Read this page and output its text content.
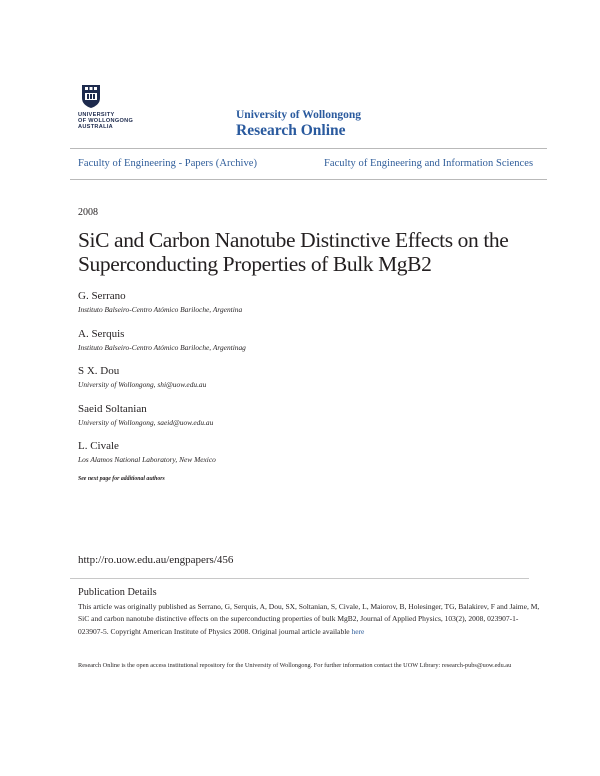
UNIVERSITY
OF WOLLONGONG
AUSTRALIA
University of Wollongong
Research Online
Faculty of Engineering - Papers (Archive)	Faculty of Engineering and Information Sciences
2008
SiC and Carbon Nanotube Distinctive Effects on the Superconducting Properties of Bulk MgB2
G. Serrano
Instituto Balseiro-Centro Atómico Bariloche, Argentina
A. Serquis
Instituto Balseiro-Centro Atómico Bariloche, Argentinag
S X. Dou
University of Wollongong, shi@uow.edu.au
Saeid Soltanian
University of Wollongong, saeid@uow.edu.au
L. Civale
Los Alamos National Laboratory, New Mexico
See next page for additional authors
http://ro.uow.edu.au/engpapers/456
Publication Details
This article was originally published as Serrano, G, Serquis, A, Dou, SX, Soltanian, S, Civale, L, Maiorov, B, Holesinger, TG, Balakirev, F and Jaime, M, SiC and carbon nanotube distinctive effects on the superconducting properties of bulk MgB2, Journal of Applied Physics, 103(2), 2008, 023907-1-023907-5. Copyright American Institute of Physics 2008. Original journal article available here
Research Online is the open access institutional repository for the University of Wollongong. For further information contact the UOW Library: research-pubs@uow.edu.au
